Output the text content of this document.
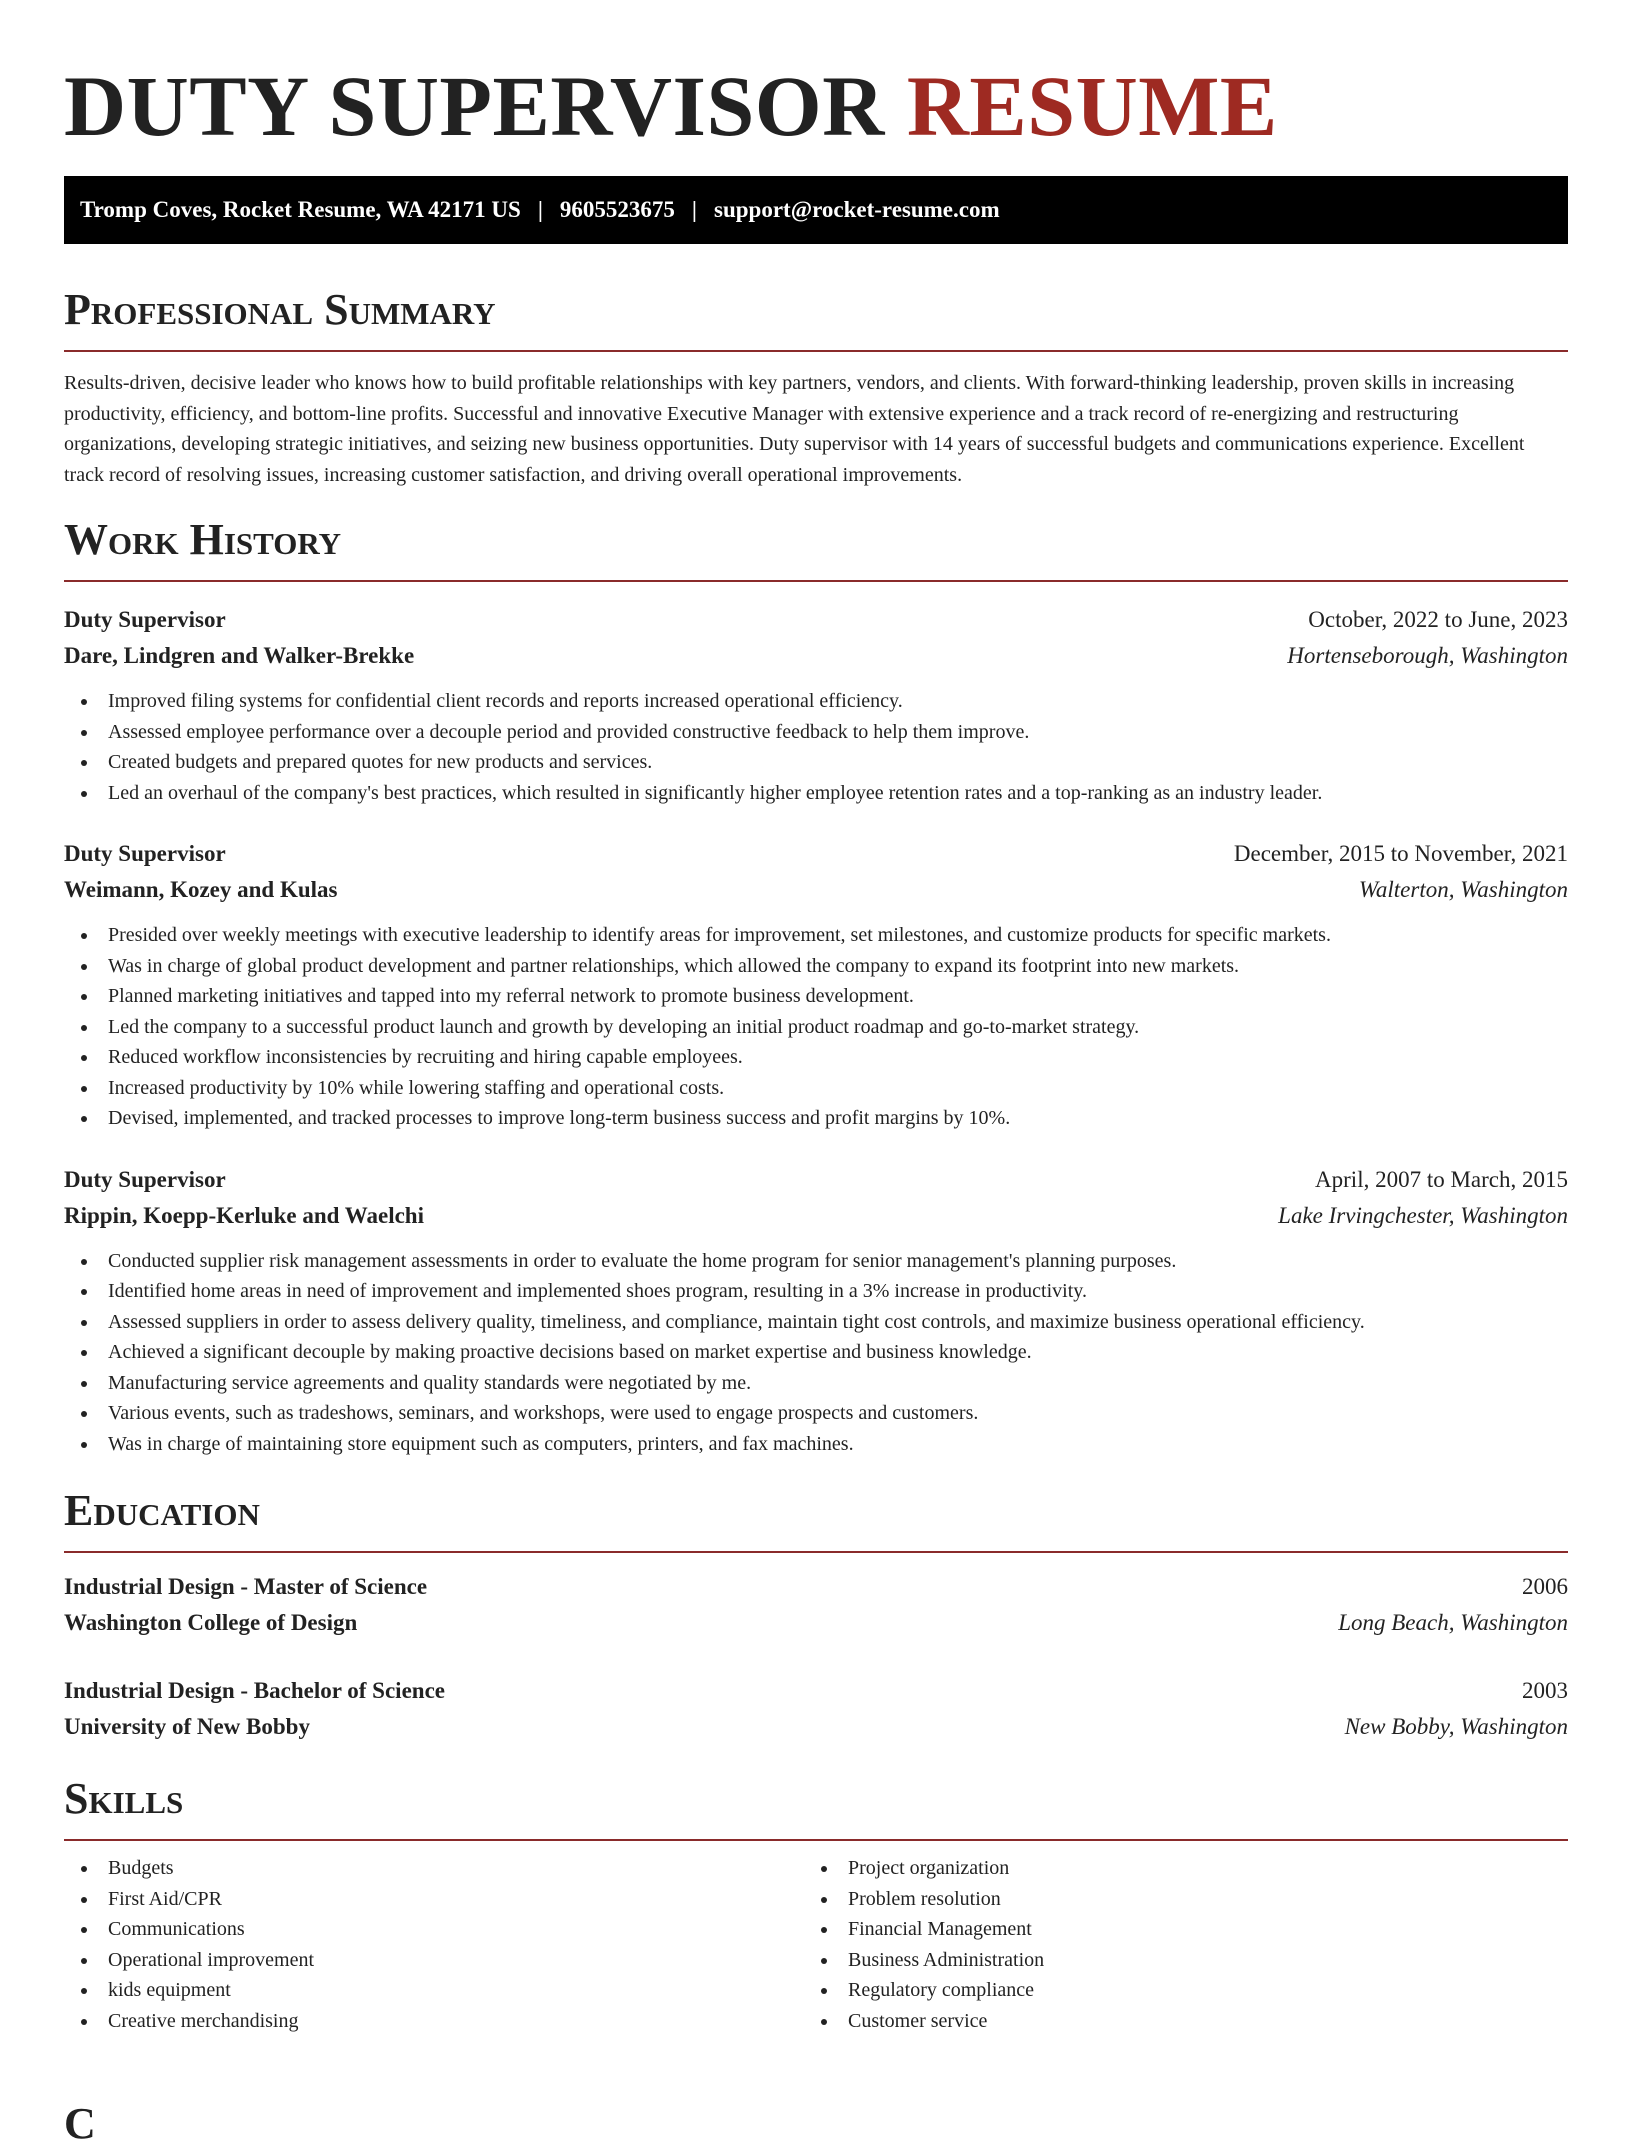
DUTY SUPERVISOR RESUME
Tromp Coves, Rocket Resume, WA 42171 US | 9605523675 | support@rocket-resume.com
Professional Summary

Results-driven, decisive leader who knows how to build profitable relationships with key partners, vendors, and clients. With forward-thinking leadership, proven skills in increasing productivity, efficiency, and bottom-line profits. Successful and innovative Executive Manager with extensive experience and a track record of re-energizing and restructuring organizations, developing strategic initiatives, and seizing new business opportunities. Duty supervisor with 14 years of successful budgets and communications experience. Excellent track record of resolving issues, increasing customer satisfaction, and driving overall operational improvements.

Work History
Duty Supervisor	October, 2022 to June, 2023
Dare, Lindgren and Walker-Brekke	Hortenseborough, Washington
Improved filing systems for confidential client records and reports increased operational efficiency.
Assessed employee performance over a decouple period and provided constructive feedback to help them improve.
Created budgets and prepared quotes for new products and services.
Led an overhaul of the company's best practices, which resulted in significantly higher employee retention rates and a top-ranking as an industry leader.
Duty Supervisor	December, 2015 to November, 2021
Weimann, Kozey and Kulas	Walterton, Washington
Presided over weekly meetings with executive leadership to identify areas for improvement, set milestones, and customize products for specific markets.
Was in charge of global product development and partner relationships, which allowed the company to expand its footprint into new markets.
Planned marketing initiatives and tapped into my referral network to promote business development.
Led the company to a successful product launch and growth by developing an initial product roadmap and go-to-market strategy.
Reduced workflow inconsistencies by recruiting and hiring capable employees.
Increased productivity by 10% while lowering staffing and operational costs.
Devised, implemented, and tracked processes to improve long-term business success and profit margins by 10%.
Duty Supervisor	April, 2007 to March, 2015
Rippin, Koepp-Kerluke and Waelchi	Lake Irvingchester, Washington
Conducted supplier risk management assessments in order to evaluate the home program for senior management's planning purposes.
Identified home areas in need of improvement and implemented shoes program, resulting in a 3% increase in productivity.
Assessed suppliers in order to assess delivery quality, timeliness, and compliance, maintain tight cost controls, and maximize business operational efficiency.
Achieved a significant decouple by making proactive decisions based on market expertise and business knowledge.
Manufacturing service agreements and quality standards were negotiated by me.
Various events, such as tradeshows, seminars, and workshops, were used to engage prospects and customers.
Was in charge of maintaining store equipment such as computers, printers, and fax machines.
Education
Industrial Design - Master of Science	2006
Washington College of Design	Long Beach, Washington
Industrial Design - Bachelor of Science	2003
University of New Bobby	New Bobby, Washington
Skills
Budgets
First Aid/CPR
Communications
Operational improvement
kids equipment
Creative merchandising
Project organization
Problem resolution
Financial Management
Business Administration
Regulatory compliance
Customer service
C
